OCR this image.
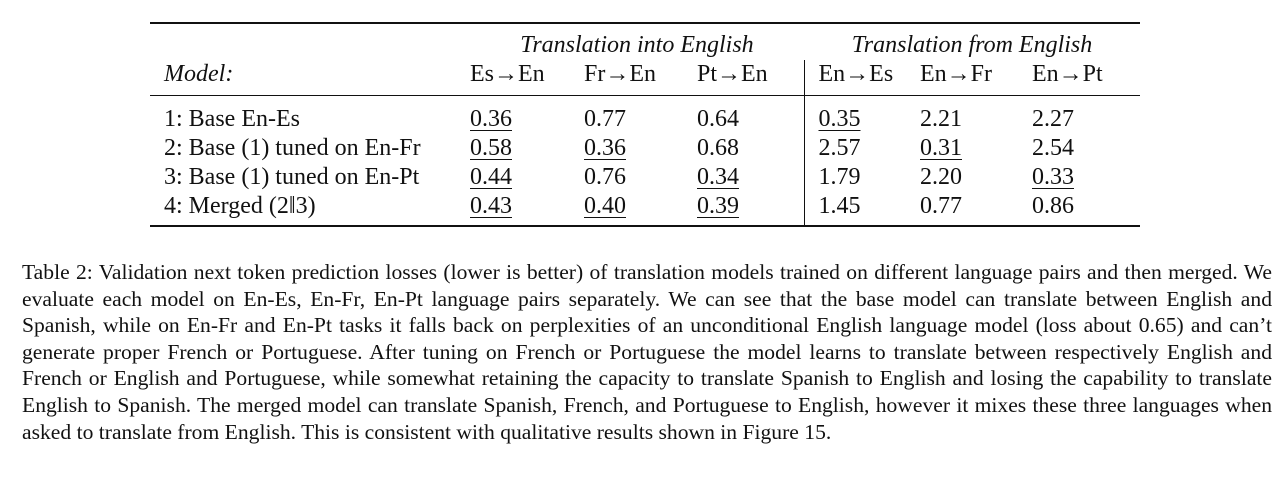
	Translation into English			Translation from English		
Model:	Es→En	Fr→En	Pt→En	En→Es	En→Fr	En→Pt
1: Base En-Es	0.36	0.77	0.64	0.35	2.21	2.27
2: Base (1) tuned on En-Fr	0.58	0.36	0.68	2.57	0.31	2.54
3: Base (1) tuned on En-Pt	0.44	0.76	0.34	1.79	2.20	0.33
4: Merged (2‖3)	0.43	0.40	0.39	1.45	0.77	0.86

Table 2: Validation next token prediction losses (lower is better) of translation models trained on different language pairs and then merged. We evaluate each model on En-Es, En-Fr, En-Pt language pairs separately. We can see that the base model can translate between English and Spanish, while on En-Fr and En-Pt tasks it falls back on perplexities of an unconditional English language model (loss about 0.65) and can’t generate proper French or Portuguese. After tuning on French or Portuguese the model learns to translate between respectively English and French or English and Portuguese, while somewhat retaining the capacity to translate Spanish to English and losing the capability to translate English to Spanish. The merged model can translate Spanish, French, and Portuguese to English, however it mixes these three languages when asked to translate from English. This is consistent with qualitative results shown in Figure 15.
